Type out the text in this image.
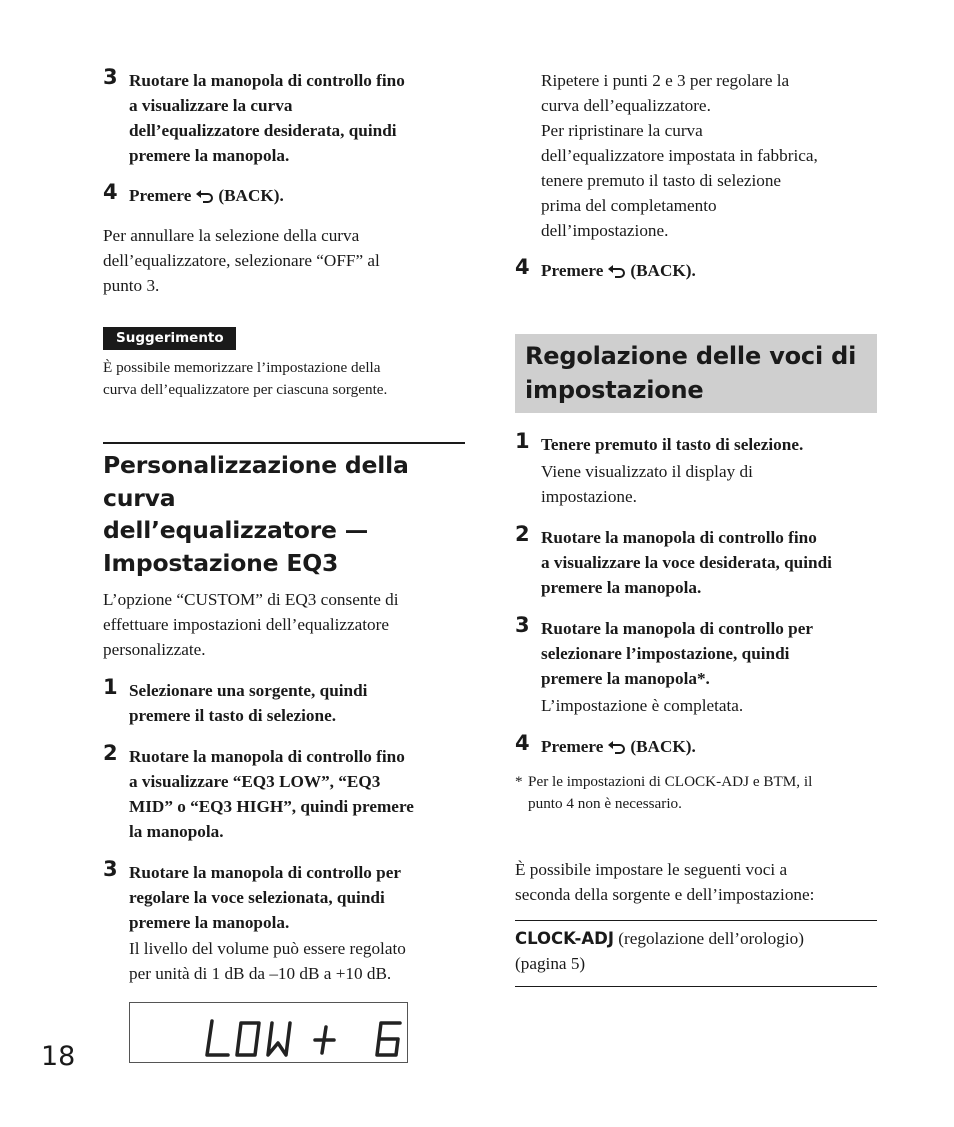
3 Ruotare la manopola di controllo fino
a visualizzare la curva
dell’equalizzatore desiderata, quindi
premere la manopola.
4 Premere (BACK).
Per annullare la selezione della curva
dell’equalizzatore, selezionare “OFF” al
punto 3.
Suggerimento
È possibile memorizzare l’impostazione della
curva dell’equalizzatore per ciascuna sorgente.
Personalizzazione della curva
dell’equalizzatore —
Impostazione EQ3
L’opzione “CUSTOM” di EQ3 consente di
effettuare impostazioni dell’equalizzatore
personalizzate.
1 Selezionare una sorgente, quindi
premere il tasto di selezione.
2 Ruotare la manopola di controllo fino
a visualizzare “EQ3 LOW”, “EQ3
MID” o “EQ3 HIGH”, quindi premere
la manopola.
3 Ruotare la manopola di controllo per
regolare la voce selezionata, quindi
premere la manopola.
Il livello del volume può essere regolato
per unità di 1 dB da –10 dB a +10 dB.
Ripetere i punti 2 e 3 per regolare la
curva dell’equalizzatore.
Per ripristinare la curva
dell’equalizzatore impostata in fabbrica,
tenere premuto il tasto di selezione
prima del completamento
dell’impostazione.
4 Premere (BACK).
Regolazione delle voci di
impostazione
1 Tenere premuto il tasto di selezione.
Viene visualizzato il display di
impostazione.
2 Ruotare la manopola di controllo fino
a visualizzare la voce desiderata, quindi
premere la manopola.
3 Ruotare la manopola di controllo per
selezionare l’impostazione, quindi
premere la manopola*.
L’impostazione è completata.
4 Premere (BACK).
* Per le impostazioni di CLOCK-ADJ e BTM, il
punto 4 non è necessario.
È possibile impostare le seguenti voci a
seconda della sorgente e dell’impostazione:
CLOCK-ADJ (regolazione dell’orologio)
(pagina 5)
18
